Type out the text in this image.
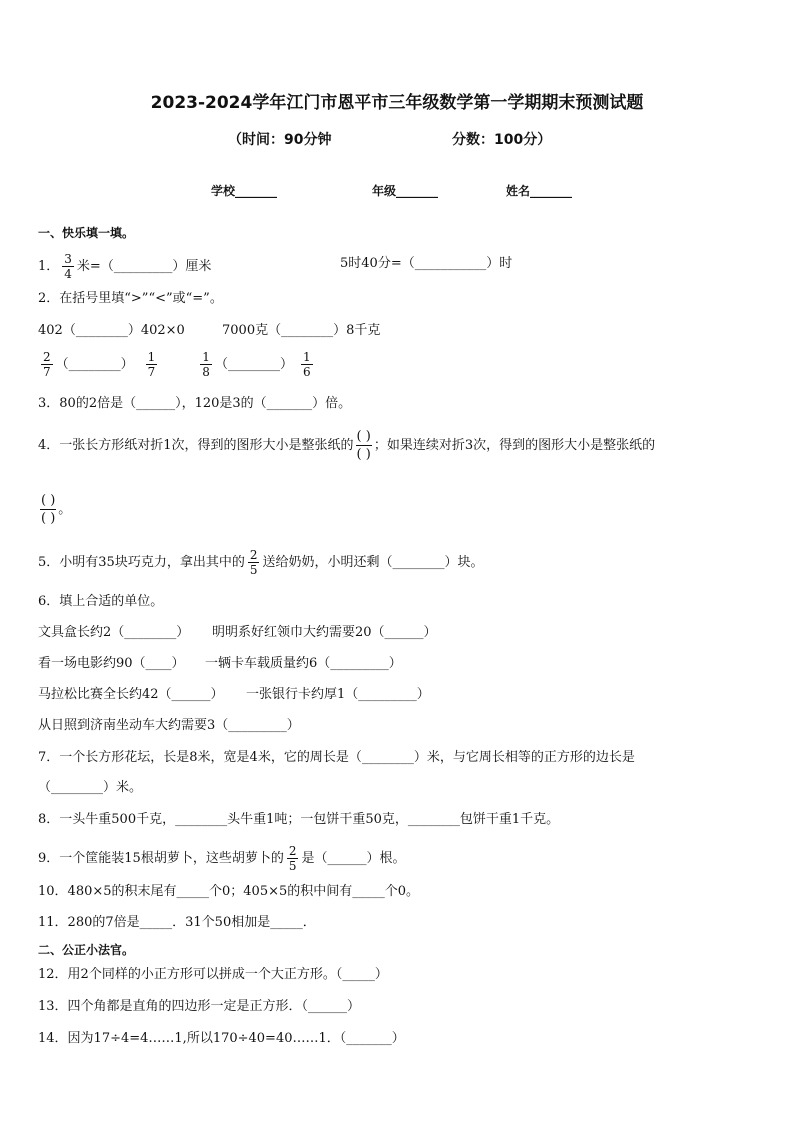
2023-2024学年江门市恩平市三年级数学第一学期期末预测试题
（时间：90分钟	分数：100分）
学校_______	年级_______	姓名_______
一、快乐填一填。
1． $\frac{3}{4}$ 米=（_________）厘米	5时40分=（___________）时
2．在括号里填“>”“<”或“=”。
402（________）402×0	7000克（________）8千克
$\frac{2}{7}$ （________） $\frac{1}{7}$	$\frac{1}{8}$ （________） $\frac{1}{6}$
3．80的2倍是（______），120是3的（_______）倍。
4．一张长方形纸对折1次，得到的图形大小是整张纸的 $\frac{( )}{( )}$ ；如果连续对折3次，得到的图形大小是整张纸的
$\frac{( )}{( )}$ 。
5．小明有35块巧克力，拿出其中的 $\frac{2}{5}$ 送给奶奶，小明还剩（________）块。
6．填上合适的单位。
文具盒长约2（________） 明明系好红领巾大约需要20（______）
看一场电影约90（____） 一辆卡车载质量约6（_________）
马拉松比赛全长约42（______） 一张银行卡约厚1（_________）
从日照到济南坐动车大约需要3（_________）
7．一个长方形花坛，长是8米，宽是4米，它的周长是（________）米，与它周长相等的正方形的边长是
（________）米。
8．一头牛重500千克，________头牛重1吨；一包饼干重50克，________包饼干重1千克。
9．一个筐能装15根胡萝卜，这些胡萝卜的 $\frac{2}{5}$ 是（______）根。
10．480×5的积末尾有_____个0；405×5的积中间有_____个0。
11．280的7倍是_____．31个50相加是_____．
二、公正小法官。
12．用2个同样的小正方形可以拼成一个大正方形。（_____）
13．四个角都是直角的四边形一定是正方形．（______）
14．因为17÷4=4……1,所以170÷40=40……1．（_______）
